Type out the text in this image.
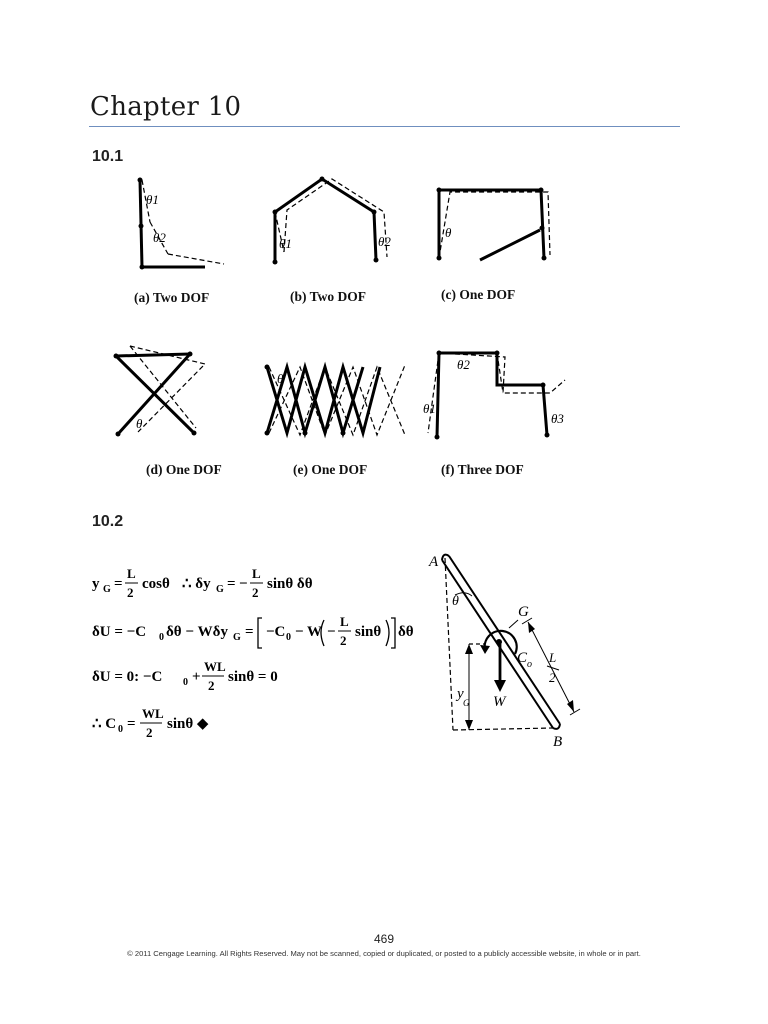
Chapter 10
10.1
θ1
θ2
(a) Two DOF
θ1	θ2
(b) Two DOF
θ
(c) One DOF
θ
(d) One DOF
θ
(e) One DOF
θ1
θ2
θ3
(f) Three DOF
10.2
y G =
L
2
cosθ ∴ δy G = −
L
2
sinθ δθ
δU = −C 0 δθ − Wδy G = −C 0 − W −
L
2
sinθ δθ
δU = 0: −C 0 +
WL
2
sinθ = 0
∴ C 0 =
WL
2
sinθ ◆
A
B
G
θ
C o
W
y
G
L
2
469
© 2011 Cengage Learning. All Rights Reserved. May not be scanned, copied or duplicated, or posted to a publicly accessible website, in whole or in part.
